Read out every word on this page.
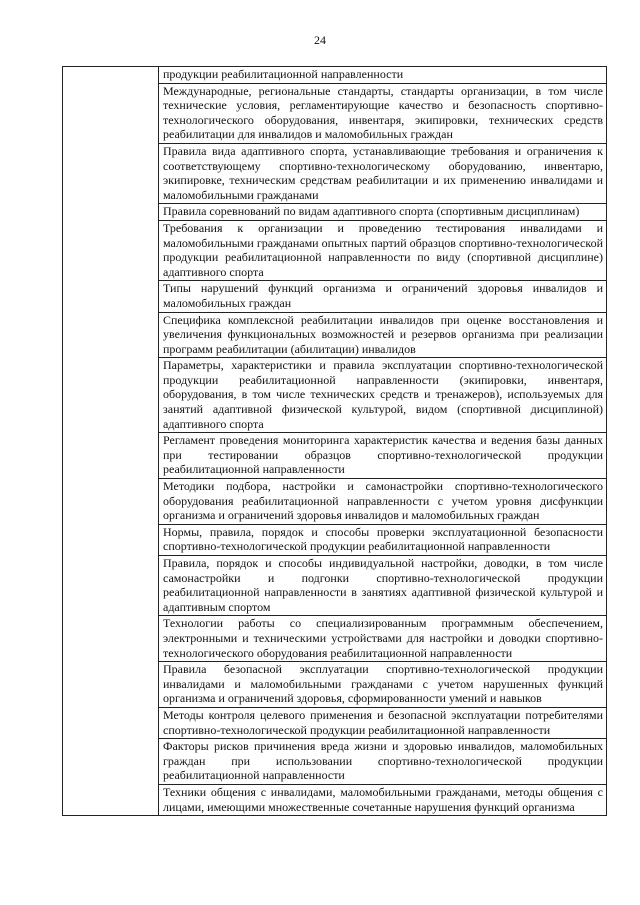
24
	продукции реабилитационной направленности
Международные, региональные стандарты, стандарты организации, в том числе технические условия, регламентирующие качество и безопасность спортивно-технологического оборудования, инвентаря, экипировки, технических средств реабилитации для инвалидов и маломобильных граждан
Правила вида адаптивного спорта, устанавливающие требования и ограничения к соответствующему спортивно-технологическому оборудованию, инвентарю, экипировке, техническим средствам реабилитации и их применению инвалидами и маломобильными гражданами
Правила соревнований по видам адаптивного спорта (спортивным дисциплинам)
Требования к организации и проведению тестирования инвалидами и маломобильными гражданами опытных партий образцов спортивно-технологической продукции реабилитационной направленности по виду (спортивной дисциплине) адаптивного спорта
Типы нарушений функций организма и ограничений здоровья инвалидов и маломобильных граждан
Специфика комплексной реабилитации инвалидов при оценке восстановления и увеличения функциональных возможностей и резервов организма при реализации программ реабилитации (абилитации) инвалидов
Параметры, характеристики и правила эксплуатации спортивно-технологической продукции реабилитационной направленности (экипировки, инвентаря, оборудования, в том числе технических средств и тренажеров), используемых для занятий адаптивной физической культурой, видом (спортивной дисциплиной) адаптивного спорта
Регламент проведения мониторинга характеристик качества и ведения базы данных при тестировании образцов спортивно-технологической продукции реабилитационной направленности
Методики подбора, настройки и самонастройки спортивно-технологического оборудования реабилитационной направленности с учетом уровня дисфункции организма и ограничений здоровья инвалидов и маломобильных граждан
Нормы, правила, порядок и способы проверки эксплуатационной безопасности спортивно-технологической продукции реабилитационной направленности
Правила, порядок и способы индивидуальной настройки, доводки, в том числе самонастройки и подгонки спортивно-технологической продукции реабилитационной направленности в занятиях адаптивной физической культурой и адаптивным спортом
Технологии работы со специализированным программным обеспечением, электронными и техническими устройствами для настройки и доводки спортивно-технологического оборудования реабилитационной направленности
Правила безопасной эксплуатации спортивно-технологической продукции инвалидами и маломобильными гражданами с учетом нарушенных функций организма и ограничений здоровья, сформированности умений и навыков
Методы контроля целевого применения и безопасной эксплуатации потребителями спортивно-технологической продукции реабилитационной направленности
Факторы рисков причинения вреда жизни и здоровью инвалидов, маломобильных граждан при использовании спортивно-технологической продукции реабилитационной направленности
Техники общения с инвалидами, маломобильными гражданами, методы общения с лицами, имеющими множественные сочетанные нарушения функций организма
